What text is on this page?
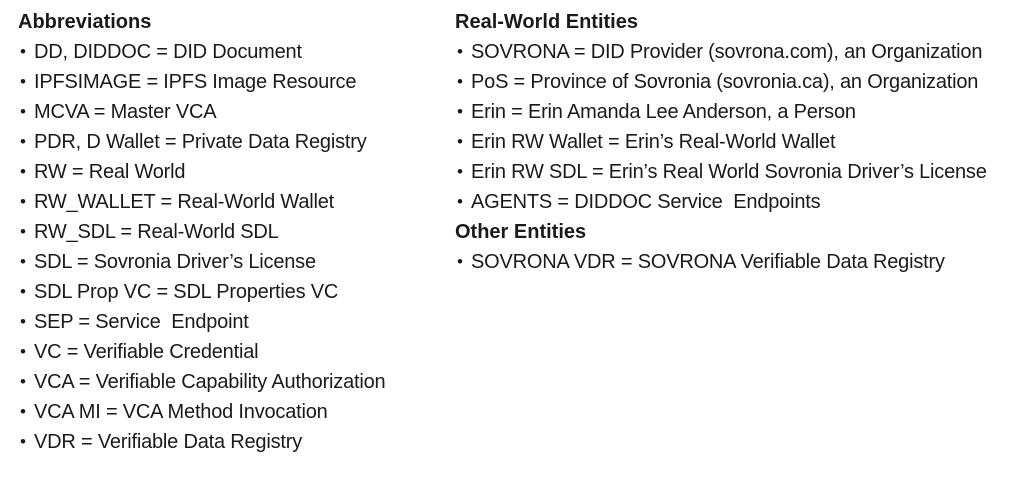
Abbreviations
• DD, DIDDOC = DID Document
• IPFSIMAGE = IPFS Image Resource
• MCVA = Master VCA
• PDR, D Wallet = Private Data Registry
• RW = Real World
• RW_WALLET = Real-World Wallet
• RW_SDL = Real-World SDL
• SDL = Sovronia Driver’s License
• SDL Prop VC = SDL Properties VC
• SEP = Service  Endpoint
• VC = Verifiable Credential
• VCA = Verifiable Capability Authorization
• VCA MI = VCA Method Invocation
• VDR = Verifiable Data Registry
Real-World Entities
• SOVRONA = DID Provider (sovrona.com), an Organization
• PoS = Province of Sovronia (sovronia.ca), an Organization
• Erin = Erin Amanda Lee Anderson, a Person
• Erin RW Wallet = Erin’s Real-World Wallet
• Erin RW SDL = Erin’s Real World Sovronia Driver’s License
• AGENTS = DIDDOC Service  Endpoints
Other Entities
• SOVRONA VDR = SOVRONA Verifiable Data Registry
